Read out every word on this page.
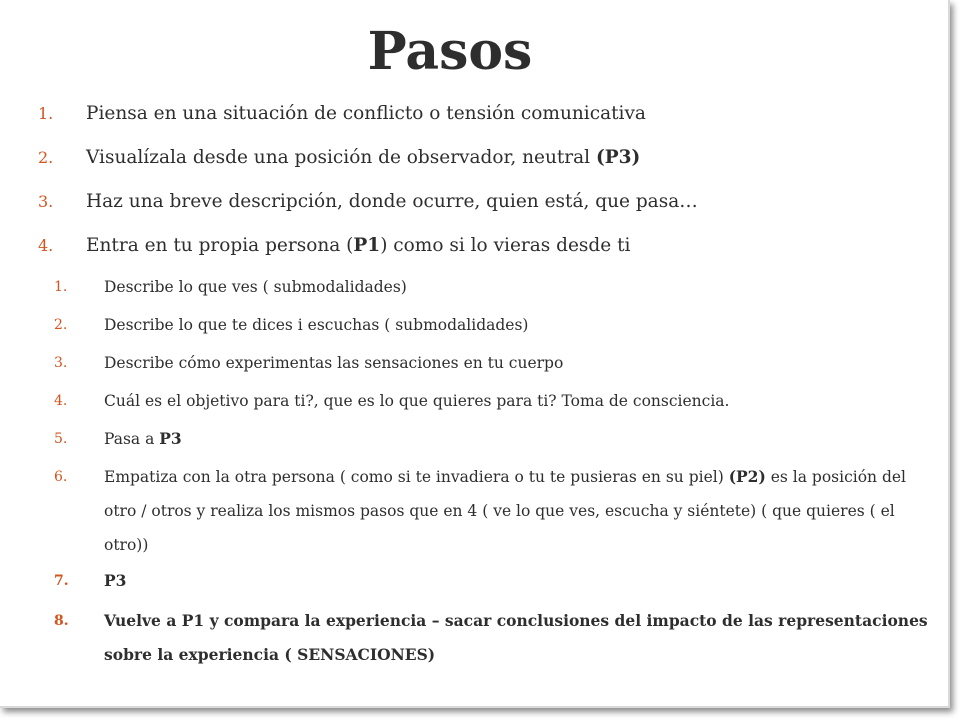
Pasos
1.	Piensa en una situación de conflicto o tensión comunicativa
2.	Visualízala desde una posición de observador, neutral (P3)
3.	Haz una breve descripción, donde ocurre, quien está, que pasa…
4.	Entra en tu propia persona (P1) como si lo vieras desde ti
1.	Describe lo que ves ( submodalidades)
2.	Describe lo que te dices i escuchas ( submodalidades)
3.	Describe cómo experimentas las sensaciones en tu cuerpo
4.	Cuál es el objetivo para ti?, que es lo que quieres para ti? Toma de consciencia.
5.	Pasa a P3
6.	Empatiza con la otra persona ( como si te invadiera o tu te pusieras en su piel) (P2) es la posición del otro / otros y realiza los mismos pasos que en 4 ( ve lo que ves, escucha y siéntete) ( que quieres ( el otro))
7.	P3
8.	Vuelve a P1 y compara la experiencia – sacar conclusiones del impacto de las representaciones sobre la experiencia ( SENSACIONES)
